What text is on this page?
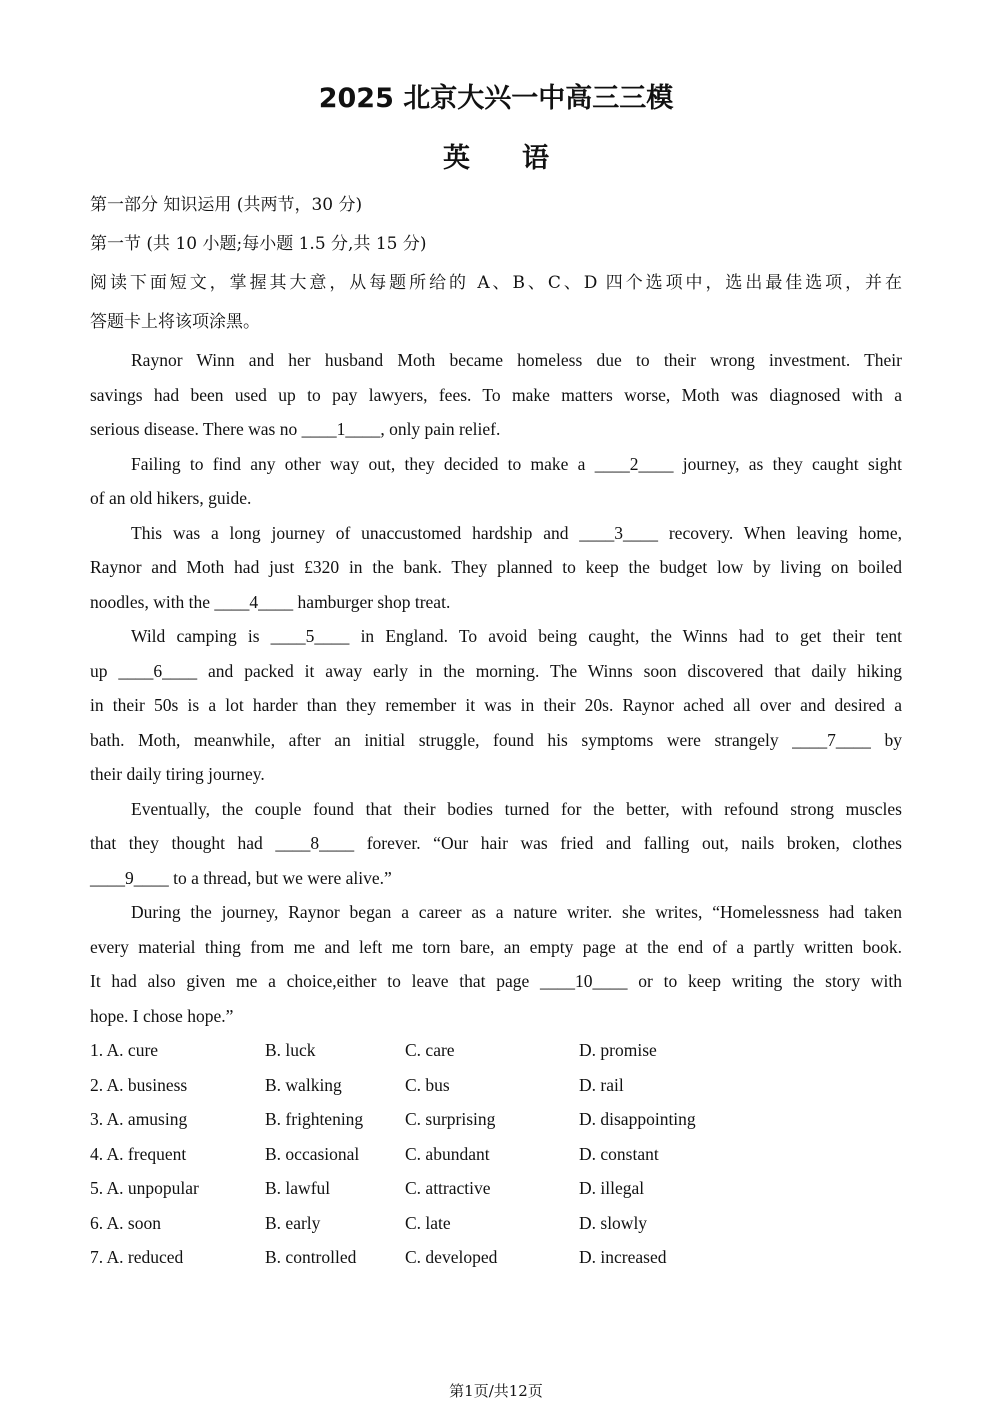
2025 北京大兴一中高三三模
英语
第一部分 知识运用 (共两节，30 分)
第一节 (共 10 小题;每小题 1.5 分,共 15 分)
阅读下面短文，掌握其大意，从每题所给的 A、B、C、D 四个选项中，选出最佳选项，并在
答题卡上将该项涂黑。
Raynor Winn and her husband Moth became homeless due to their wrong investment. Their
savings had been used up to pay lawyers, fees. To make matters worse, Moth was diagnosed with a
serious disease. There was no ____1____, only pain relief.
Failing to find any other way out, they decided to make a ____2____ journey, as they caught sight
of an old hikers, guide.
This was a long journey of unaccustomed hardship and ____3____ recovery. When leaving home,
Raynor and Moth had just £320 in the bank. They planned to keep the budget low by living on boiled
noodles, with the ____4____ hamburger shop treat.
Wild camping is ____5____ in England. To avoid being caught, the Winns had to get their tent
up ____6____ and packed it away early in the morning. The Winns soon discovered that daily hiking
in their 50s is a lot harder than they remember it was in their 20s. Raynor ached all over and desired a
bath. Moth, meanwhile, after an initial struggle, found his symptoms were strangely ____7____ by
their daily tiring journey.
Eventually, the couple found that their bodies turned for the better, with refound strong muscles
that they thought had ____8____ forever. “Our hair was fried and falling out, nails broken, clothes
____9____ to a thread, but we were alive.”
During the journey, Raynor began a career as a nature writer. she writes, “Homelessness had taken
every material thing from me and left me torn bare, an empty page at the end of a partly written book.
It had also given me a choice,either to leave that page ____10____ or to keep writing the story with
hope. I chose hope.”
1. A. cure	B. luck	C. care	D. promise
2. A. business	B. walking	C. bus	D. rail
3. A. amusing	B. frightening C. surprising	D. disappointing
4. A. frequent	B. occasional	C. abundant	D. constant
5. A. unpopular	B. lawful	C. attractive	D. illegal
6. A. soon	B. early	C. late	D. slowly
7. A. reduced	B. controlled	C. developed	D. increased
第1页/共12页
